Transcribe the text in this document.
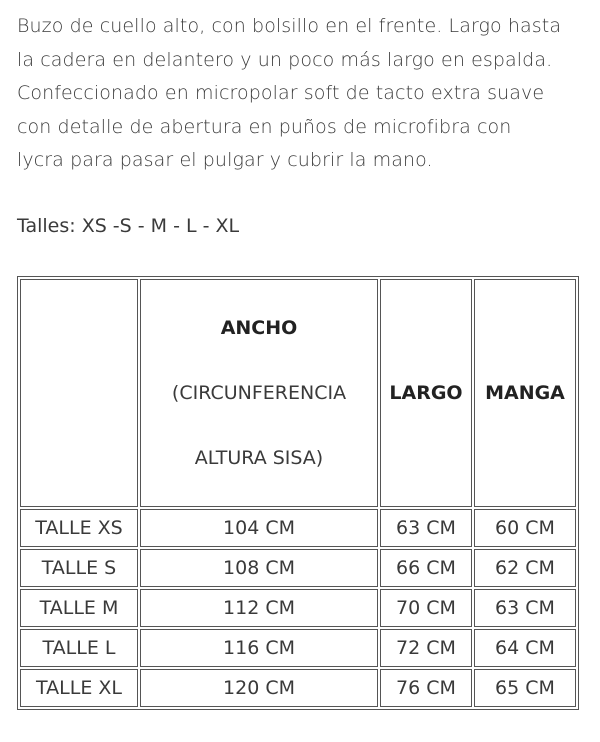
Buzo de cuello alto, con bolsillo en el frente. Largo hasta
la cadera en delantero y un poco más largo en espalda.
Confeccionado en micropolar soft de tacto extra suave
con detalle de abertura en puños de microfibra con
lycra para pasar el pulgar y cubrir la mano.

Talles: XS -S - M - L - XL

	ANCHO
(CIRCUNFERENCIA
ALTURA SISA)	LARGO	MANGA
TALLE XS	104 CM	63 CM	60 CM
TALLE S	108 CM	66 CM	62 CM
TALLE M	112 CM	70 CM	63 CM
TALLE L	116 CM	72 CM	64 CM
TALLE XL	120 CM	76 CM	65 CM
